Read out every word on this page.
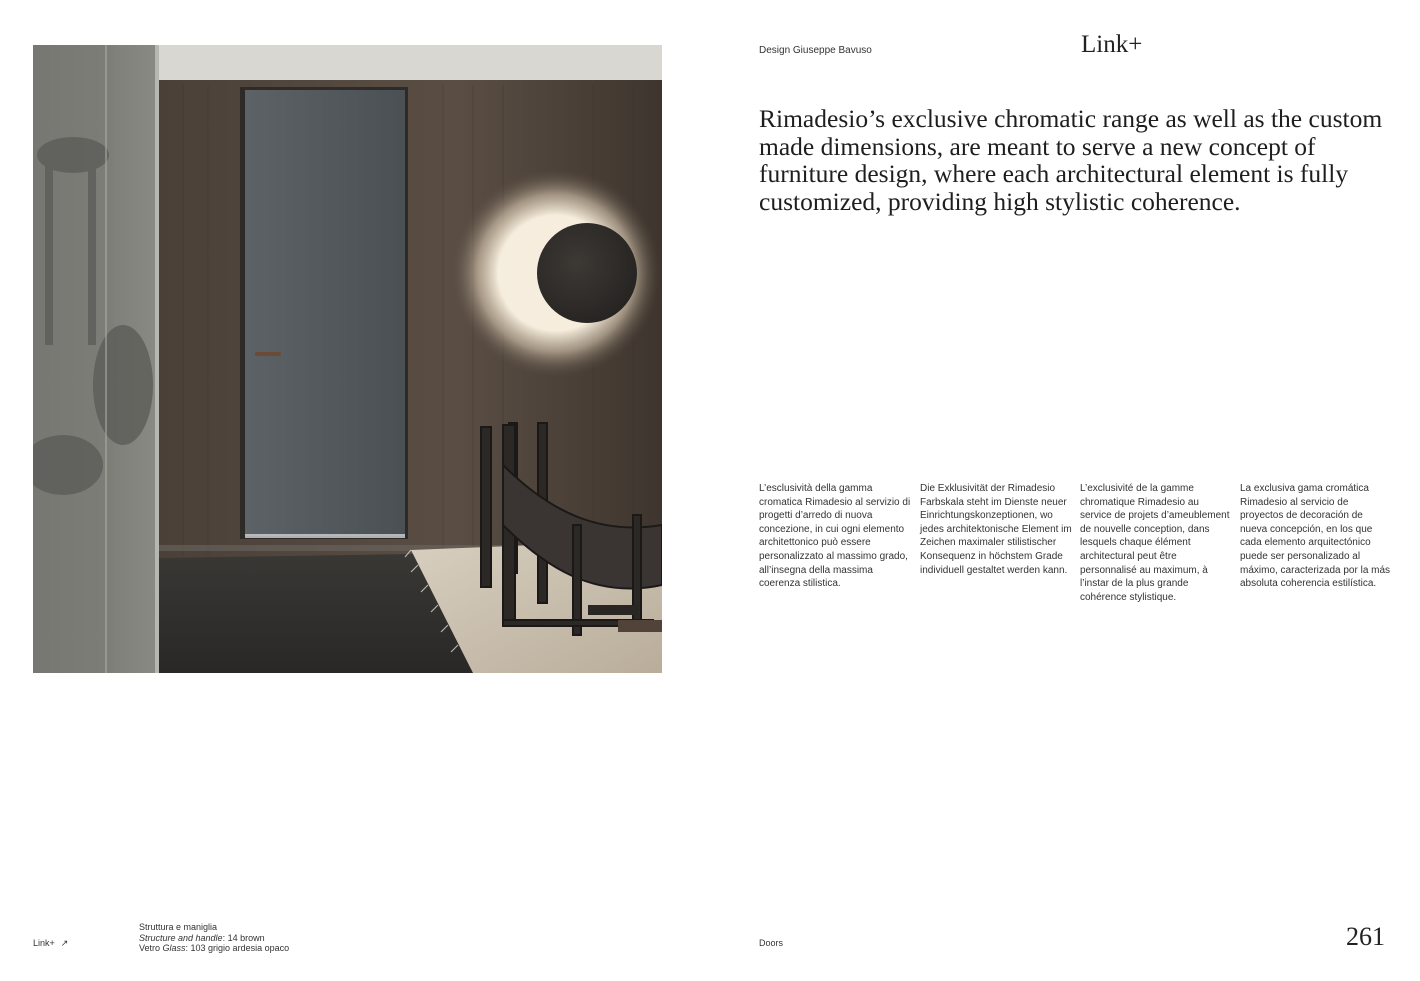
Design Giuseppe Bavuso	Link+

Rimadesio’s exclusive chromatic range as well as the custom made dimensions, are meant to serve a new concept of furniture design, where each architectural element is fully customized, providing high stylistic coherence.

L’esclusività della gamma cromatica Rimadesio al servizio di progetti d’arredo di nuova concezione, in cui ogni elemento architettonico può essere personalizzato al massimo grado, all’insegna della massima coerenza stilistica.

Die Exklusivität der Rimadesio Farbskala steht im Dienste neuer Einrichtungskonzeptionen, wo jedes architektonische Element im Zeichen maximaler stilistischer Konsequenz in höchstem Grade individuell gestaltet werden kann.

L’exclusivité de la gamme chromatique Rimadesio au service de projets d’ameublement de nouvelle conception, dans lesquels chaque élément architectural peut être personnalisé au maximum, à l’instar de la plus grande cohérence stylistique.

La exclusiva gama cromática Rimadesio al servicio de proyectos de decoración de nueva concepción, en los que cada elemento arquitectónico puede ser personalizado al máximo, caracterizada por la más absoluta coherencia estilística.

Link+ ↗
Struttura e maniglia
Structure and handle: 14 brown
Vetro Glass: 103 grigio ardesia opaco	Doors	261
